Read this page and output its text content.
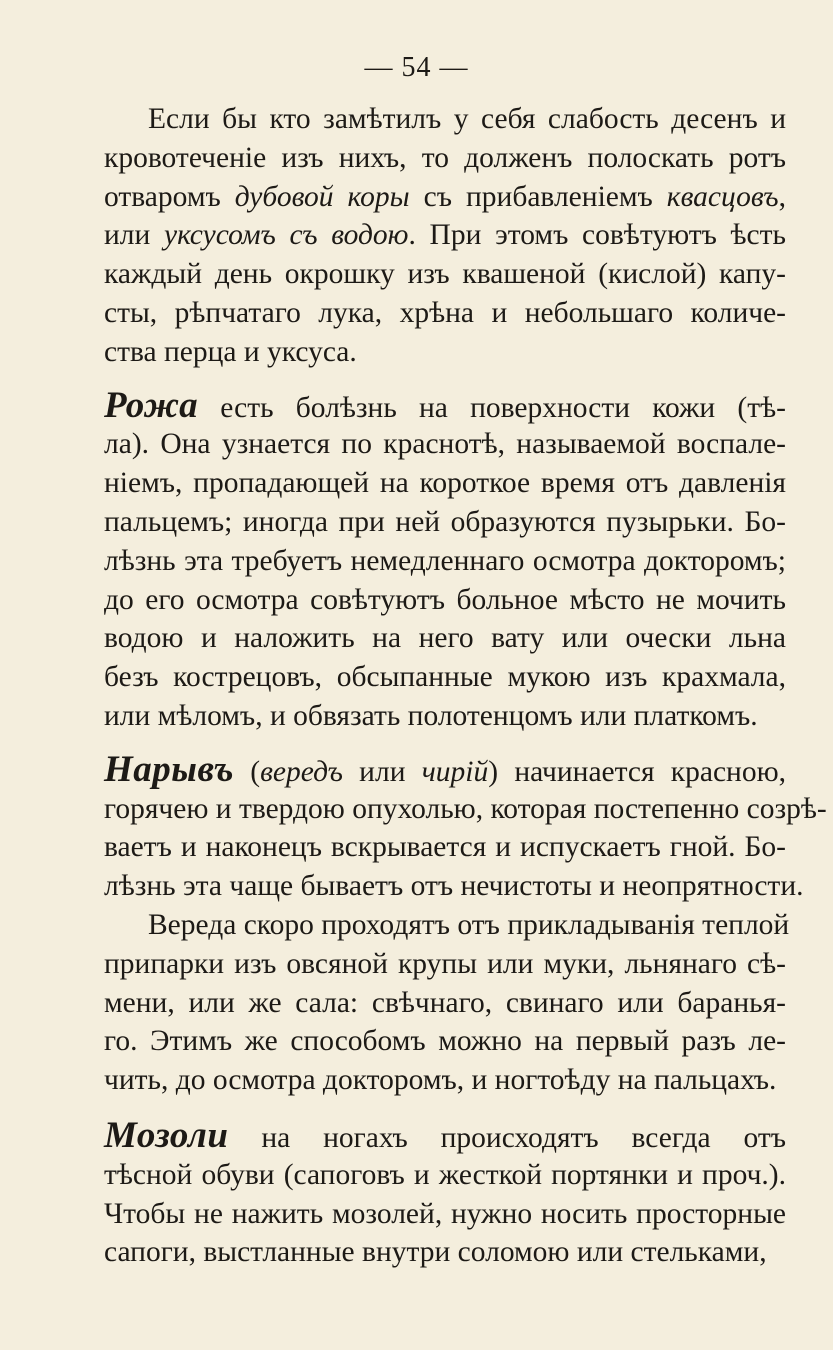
— 54 —
Если бы кто замѣтилъ у себя слабость десенъ и
кровотеченіе изъ нихъ, то долженъ полоскать ротъ
отваромъ дубовой коры съ прибавленіемъ квасцовъ,
или уксусомъ съ водою. При этомъ совѣтуютъ ѣсть
каждый день окрошку изъ квашеной (кислой) капу-
сты, рѣпчатаго лука, хрѣна и небольшаго количе-
ства перца и уксуса.
Рожа есть болѣзнь на поверхности кожи (тѣ-
ла). Она узнается по краснотѣ, называемой воспале-
ніемъ, пропадающей на короткое время отъ давленія
пальцемъ; иногда при ней образуются пузырьки. Бо-
лѣзнь эта требуетъ немедленнаго осмотра докторомъ;
до его осмотра совѣтуютъ больное мѣсто не мочить
водою и наложить на него вату или очески льна
безъ кострецовъ, обсыпанные мукою изъ крахмала,
или мѣломъ, и обвязать полотенцомъ или платкомъ.
Нарывъ (вередъ или чирiй) начинается красною,
горячею и твердою опухолью, которая постепенно созрѣ-
ваетъ и наконецъ вскрывается и испускаетъ гной. Бо-
лѣзнь эта чаще бываетъ отъ нечистоты и неопрятности.
Вереда скоро проходятъ отъ прикладыванія теплой
припарки изъ овсяной крупы или муки, льнянаго сѣ-
мени, или же сала: свѣчнаго, свинаго или баранья-
го. Этимъ же способомъ можно на первый разъ ле-
чить, до осмотра докторомъ, и ногтоѣду на пальцахъ.
Мозоли на ногахъ происходятъ всегда отъ
тѣсной обуви (сапоговъ и жесткой портянки и проч.).
Чтобы не нажить мозолей, нужно носить просторные
сапоги, выстланные внутри соломою или стельками,
